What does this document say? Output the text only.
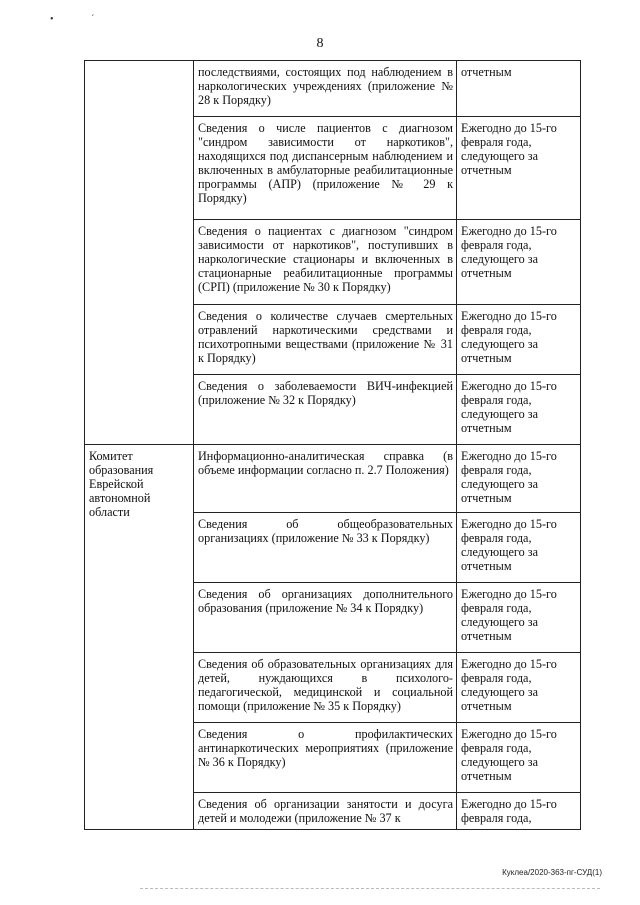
•               ˊ
8
	последствиями, состоящих под наблюдением в наркологических учреждениях (приложение № 28 к Порядку)	отчетным
	Сведения о числе пациентов с диагнозом "синдром зависимости от наркотиков", находящихся под диспансерным наблюдением и включенных в амбулаторные реабилитационные программы (АПР) (приложение № 29 к Порядку)	Ежегодно до 15-го февраля года, следующего за отчетным
	Сведения о пациентах с диагнозом "синдром зависимости от наркотиков", поступивших в наркологические стационары и включенных в стационарные реабилитационные программы (СРП) (приложение № 30 к Порядку)	Ежегодно до 15-го февраля года, следующего за отчетным
	Сведения о количестве случаев смертельных отравлений наркотическими средствами и психотропными веществами (приложение № 31 к Порядку)	Ежегодно до 15-го февраля года, следующего за отчетным
	Сведения о заболеваемости ВИЧ-инфекцией (приложение № 32 к Порядку)	Ежегодно до 15-го февраля года, следующего за отчетным
Комитет образования Еврейской автономной области	Информационно-аналитическая справка (в объеме информации согласно п. 2.7 Положения)	Ежегодно до 15-го февраля года, следующего за отчетным
	Сведения об общеобразовательных организациях (приложение № 33 к Порядку)	Ежегодно до 15-го февраля года, следующего за отчетным
	Сведения об организациях дополнительного образования (приложение № 34 к Порядку)	Ежегодно до 15-го февраля года, следующего за отчетным
	Сведения об образовательных организациях для детей, нуждающихся в психолого-педагогической, медицинской и социальной помощи (приложение № 35 к Порядку)	Ежегодно до 15-го февраля года, следующего за отчетным
	Сведения о профилактических антинаркотических мероприятиях (приложение № 36 к Порядку)	Ежегодно до 15-го февраля года, следующего за отчетным
	Сведения об организации занятости и досуга детей и молодежи (приложение № 37 к	Ежегодно до 15-го февраля года,
Куклеа/2020-363-пг-СУД(1)
